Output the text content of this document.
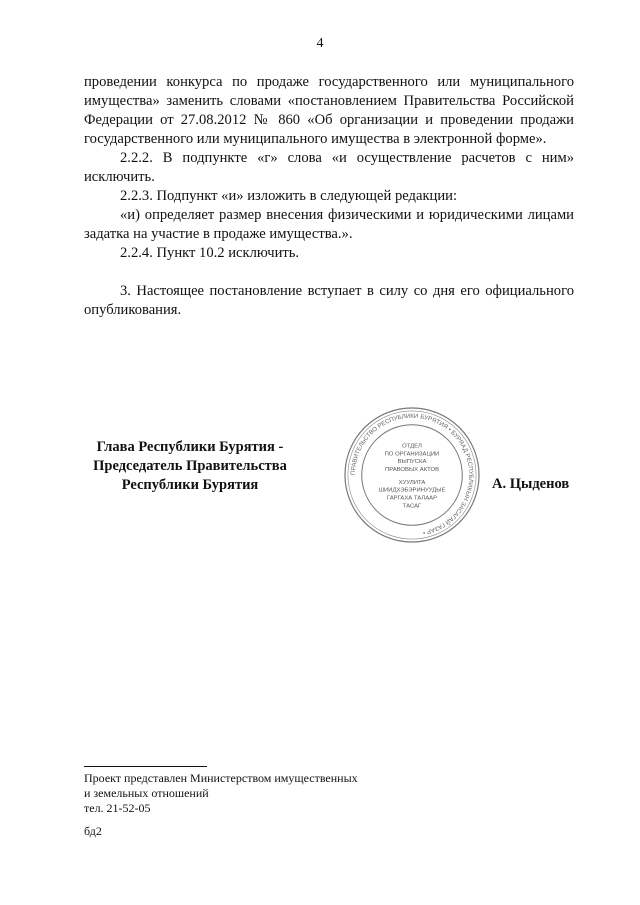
4

проведении конкурса по продаже государственного или муниципального имущества» заменить словами «постановлением Правительства Российской Федерации от 27.08.2012 № 860 «Об организации и проведении продажи государственного или муниципального имущества в электронной форме».

2.2.2. В подпункте «г» слова «и осуществление расчетов с ним» исключить.

2.2.3. Подпункт «и» изложить в следующей редакции:

«и) определяет размер внесения физическими и юридическими лицами задатка на участие в продаже имущества.».

2.2.4. Пункт 10.2 исключить.

3. Настоящее постановление вступает в силу со дня его официального опубликования.

Глава Республики Бурятия -
Председатель Правительства
Республики Бурятия
ПРАВИТЕЛЬСТВО РЕСПУБЛИКИ БУРЯТИЯ • БУРЯАД РЕСПУБЛИКЫН ЗАСАГАЙ ГАЗАР •
ОТДЕЛ
ПО ОРГАНИЗАЦИИ
ВЫПУСКА
ПРАВОВЫХ АКТОВ
ХУУЛИТА
ШИИДХЭБЭРИНУУДЫЕ
ГАРГАХА ТАЛААР
ТАСАГ
А. Цыденов

Проект представлен Министерством имущественных

и земельных отношений

тел. 21-52-05

бд2
